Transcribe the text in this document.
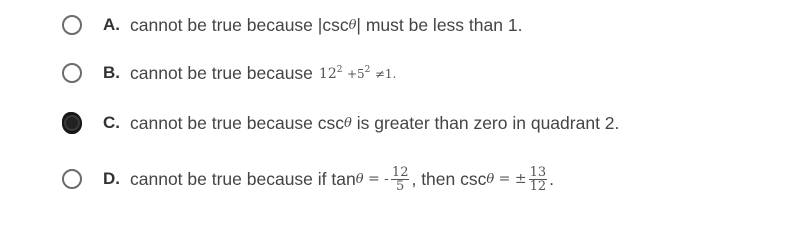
A. cannot be true because |csc θ | must be less than 1.
B. cannot be true because $12^2 +5^2 \ne 1$.
C. cannot be true because csc θ is greater than zero in quadrant 2.
D. cannot be true because if tan θ = - $\frac{12}{5}$ , then csc θ = ± $\frac{13}{12}$ .
